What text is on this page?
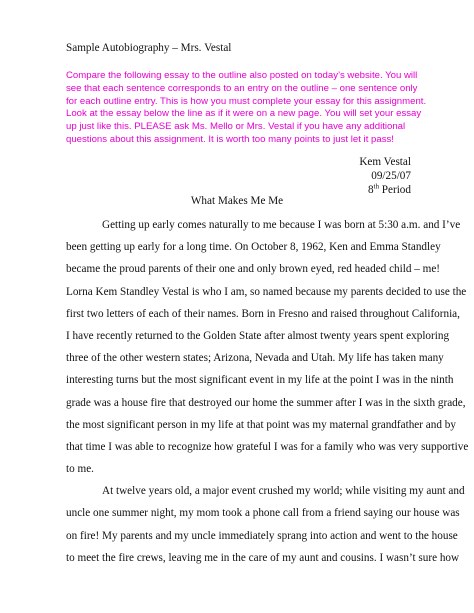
Sample Autobiography – Mrs. Vestal
Compare the following essay to the outline also posted on today’s website. You will
see that each sentence corresponds to an entry on the outline – one sentence only
for each outline entry. This is how you must complete your essay for this assignment.
Look at the essay below the line as if it were on a new page. You will set your essay
up just like this. PLEASE ask Ms. Mello or Mrs. Vestal if you have any additional
questions about this assignment. It is worth too many points to just let it pass!
Kem Vestal
09/25/07
8th Period
What Makes Me Me
Getting up early comes naturally to me because I was born at 5:30 a.m. and I’ve
been getting up early for a long time. On October 8, 1962, Ken and Emma Standley
became the proud parents of their one and only brown eyed, red headed child – me!
Lorna Kem Standley Vestal is who I am, so named because my parents decided to use the
first two letters of each of their names. Born in Fresno and raised throughout California,
I have recently returned to the Golden State after almost twenty years spent exploring
three of the other western states; Arizona, Nevada and Utah. My life has taken many
interesting turns but the most significant event in my life at the point I was in the ninth
grade was a house fire that destroyed our home the summer after I was in the sixth grade,
the most significant person in my life at that point was my maternal grandfather and by
that time I was able to recognize how grateful I was for a family who was very supportive
to me.
At twelve years old, a major event crushed my world; while visiting my aunt and
uncle one summer night, my mom took a phone call from a friend saying our house was
on fire! My parents and my uncle immediately sprang into action and went to the house
to meet the fire crews, leaving me in the care of my aunt and cousins. I wasn’t sure how
